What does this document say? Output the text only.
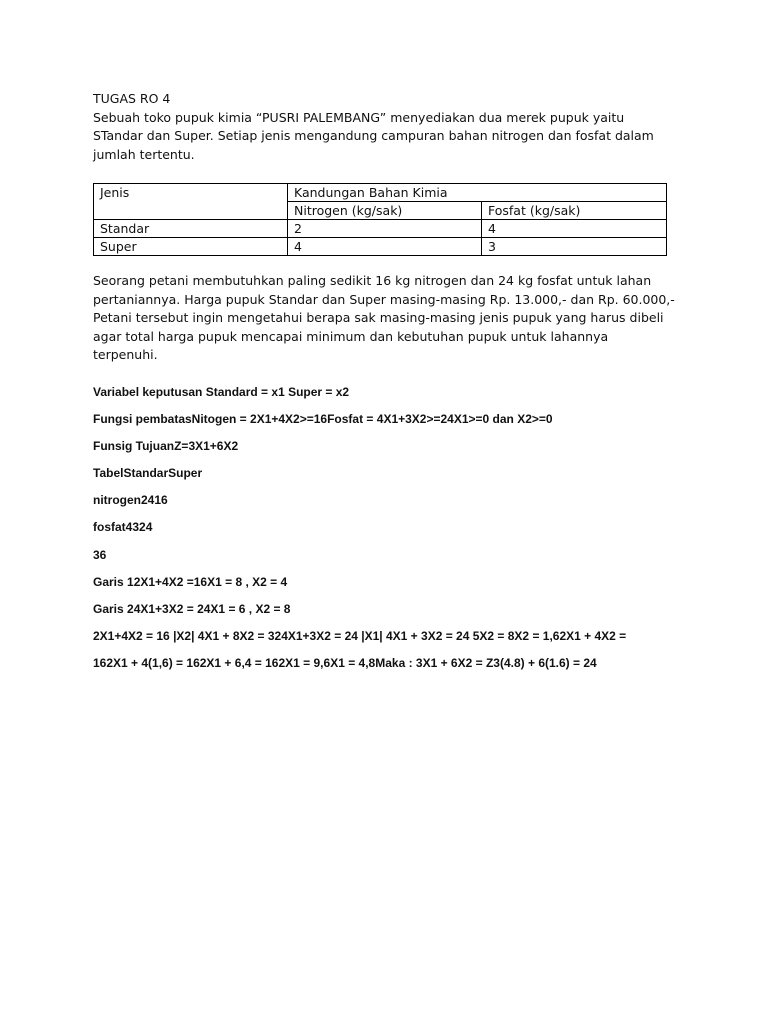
TUGAS RO 4

Sebuah toko pupuk kimia “PUSRI PALEMBANG” menyediakan dua merek pupuk yaitu

STandar dan Super. Setiap jenis mengandung campuran bahan nitrogen dan fosfat dalam

jumlah tertentu.

Jenis	Kandungan Bahan Kimia	
	Nitrogen (kg/sak)	Fosfat (kg/sak)
Standar	2	4
Super	4	3

Seorang petani membutuhkan paling sedikit 16 kg nitrogen dan 24 kg fosfat untuk lahan

pertaniannya. Harga pupuk Standar dan Super masing-masing Rp. 13.000,- dan Rp. 60.000,-

Petani tersebut ingin mengetahui berapa sak masing-masing jenis pupuk yang harus dibeli

agar total harga pupuk mencapai minimum dan kebutuhan pupuk untuk lahannya

terpenuhi.

Variabel keputusan Standard = x1 Super = x2

Fungsi pembatasNitogen = 2X1+4X2>=16Fosfat = 4X1+3X2>=24X1>=0 dan X2>=0

Funsig TujuanZ=3X1+6X2

TabelStandarSuper

nitrogen2416

fosfat4324

36

Garis 12X1+4X2 =16X1 = 8 , X2 = 4

Garis 24X1+3X2 = 24X1 = 6 , X2 = 8

2X1+4X2 = 16 |X2| 4X1 + 8X2 = 324X1+3X2 = 24 |X1| 4X1 + 3X2 = 24 5X2 = 8X2 = 1,62X1 + 4X2 =

162X1 + 4(1,6) = 162X1 + 6,4 = 162X1 = 9,6X1 = 4,8Maka : 3X1 + 6X2 = Z3(4.8) + 6(1.6) = 24
